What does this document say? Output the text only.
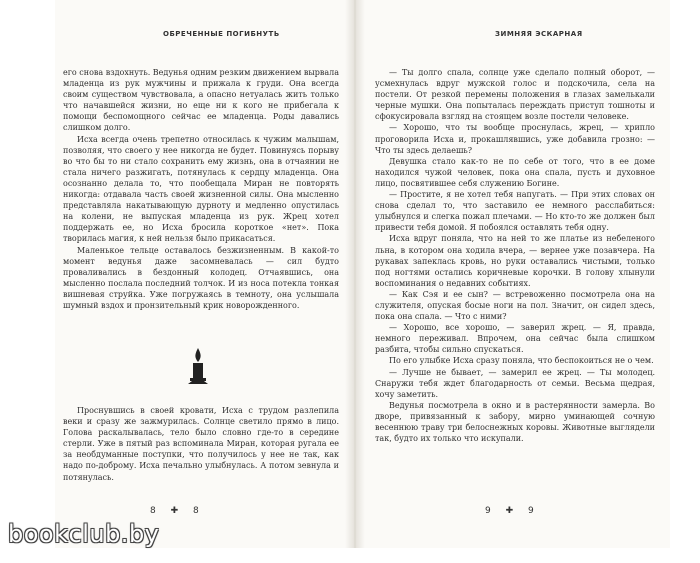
ОБРЕЧЕННЫЕ ПОГИБНУТЬ

его снова вздохнуть. Ведунья одним резким движением вырвала младенца из рук мужчины и прижала к груди. Она всегда своим существом чувствовала, а опасно нетуалась жить только что начавшейся жизни, но еще ни к кого не прибегала к помощи беспомощного сейчас ее младенца. Роды давались слишком долго.

Исха всегда очень трепетно относилась к чужим малышам, позволяя, что своего у нее никогда не будет. Повинуясь порыву во что бы то ни стало сохранить ему жизнь, она в отчаянии не стала ничего разжигать, потянулась к сердцу младенца. Она осознанно делала то, что пообещала Миран не повторять никогда: отдавала часть своей жизненной силы. Она мысленно представляла накатывающую дурноту и медленно опустилась на колени, не выпуская младенца из рук. Жрец хотел поддержать ее, но Исха бросила короткое «нет». Пока творилась магия, к ней нельзя было прикасаться.

Маленькое тельце оставалось безжизненным. В какой-то момент ведунья даже засомневалась — сил будто проваливались в бездонный колодец. Отчаявшись, она мысленно послала последний толчок. И из носа потекла тонкая вишневая струйка. Уже погружаясь в темноту, она услышала шумный вздох и пронзительный крик новорожденного.

Проснувшись в своей кровати, Исха с трудом разлепила веки и сразу же зажмурилась. Солнце светило прямо в лицо. Голова раскалывалась, тело было словно где-то в середине стерли. Уже в пятый раз вспоминала Миран, которая ругала ее за необдуманные поступки, что получилось у нее не так, как надо по-доброму. Исха печально улыбнулась. А потом зевнула и потянулась.

8 ✚ 8
ЗИМНЯЯ ЭСКАРНАЯ

— Ты долго спала, солнце уже сделало полный оборот, — усмехнулась вдруг мужской голос и подскочила, села на постели. От резкой перемены положения в глазах замелькали черные мушки. Она попыталась переждать приступ тошноты и сфокусировала взгляд на стоящем возле постели человеке.

— Хорошо, что ты вообще проснулась, жрец, — хрипло проговорила Исха и, прокашлявшись, уже добавила грозно: — Что ты здесь делаешь?

Девушка стало как-то не по себе от того, что в ее доме находился чужой человек, пока она спала, пусть и духовное лицо, посвятившее себя служению Богине.

— Простите, я не хотел тебя напугать. — При этих словах он снова сделал то, что заставило ее немного расслабиться: улыбнулся и слегка пожал плечами. — Но кто-то же должен был привести тебя домой. Я побоялся оставлять тебя одну.

Исха вдруг поняла, что на ней то же платье из небеленого льна, в котором она ходила вчера, — вернее уже позавчера. На рукавах запеклась кровь, но руки оставались чистыми, только под ногтями остались коричневые корочки. В голову хлынули воспоминания о недавних событиях.

— Как Сэя и ее сын? — встревоженно посмотрела она на служителя, опуская босые ноги на пол. Значит, он сидел здесь, пока она спала. — Что с ними?

— Хорошо, все хорошо, — заверил жрец. — Я, правда, немного переживал. Впрочем, она сейчас была слишком разбита, чтобы сильно спускаться.

По его улыбке Исха сразу поняла, что беспокоиться не о чем.

— Лучше не бывает, — замерил ее жрец. — Ты молодец. Снаружи тебя ждет благодарность от семьи. Весьма щедрая, хочу заметить.

Ведунья посмотрела в окно и в растерянности замерла. Во дворе, привязанный к забору, мирно уминающей сочную весеннюю траву три белоснежных коровы. Животные выглядели так, будто их только что искупали.

9 ✚ 9
bookclub.by
